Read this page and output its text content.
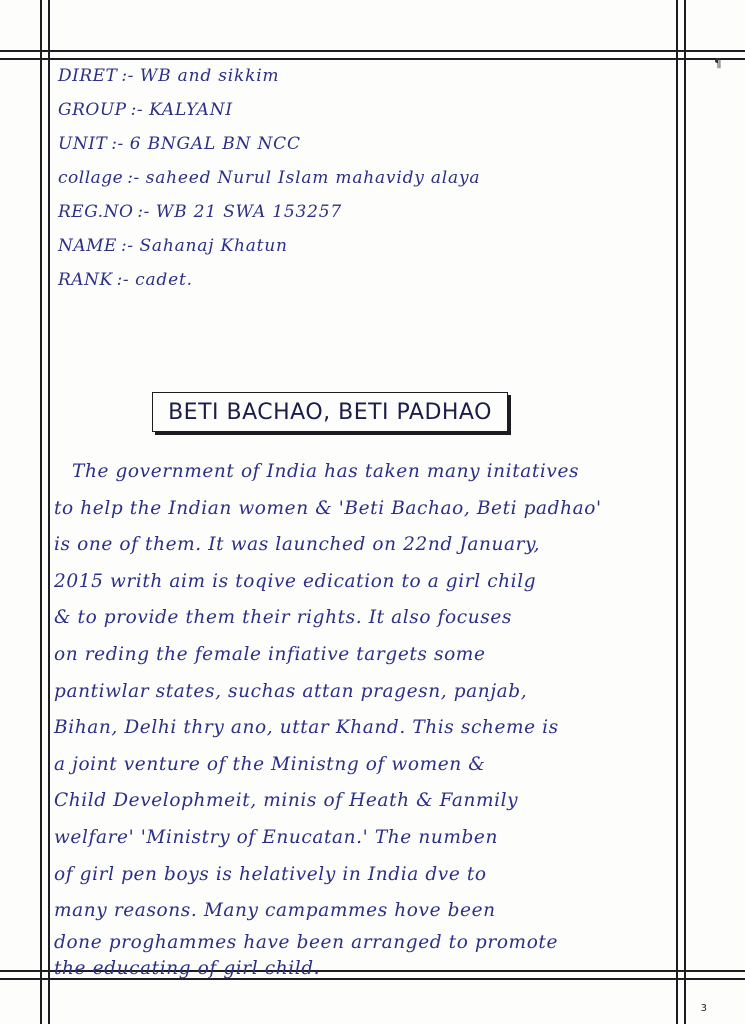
¶
DIRET :- WB and sikkim
GROUP :- KALYANI
UNIT :- 6 BNGAL BN NCC
collage :- saheed Nurul Islam mahavidy alaya
REG.NO :- WB 21 SWA 153257
NAME :- Sahanaj Khatun
RANK :- cadet.
BETI BACHAO, BETI PADHAO
The government of India has taken many initatives
to help the Indian women & 'Beti Bachao, Beti padhao'
is one of them. It was launched on 22nd January,
2015 writh aim is toqive edication to a girl chilg
& to provide them their rights. It also focuses
on reding the female infiative targets some
pantiwlar states, suchas attan pragesn, panjab,
Bihan, Delhi thry ano, uttar Khand. This scheme is
a joint venture of the Ministng of women &
Child Develophmeit, minis of Heath & Fanmily
welfare' 'Ministry of Enucatan.' The numben
of girl pen boys is helatively in India dve to
many reasons. Many campammes hove been
done proghammes have been arranged to promote
the educating of girl child.
3
